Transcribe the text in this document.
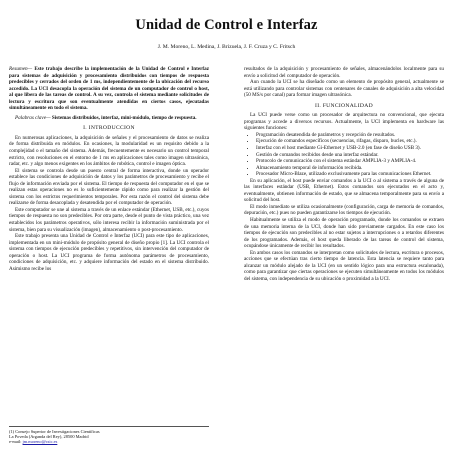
Unidad de Control e Interfaz
J. M. Moreno, L. Medina, J. Brizuela, J. F. Cruza y C. Fritsch

Resumen— Este trabajo describe la implementación de la Unidad de Control e Interfaz para sistemas de adquisición y procesamiento distribuidos con tiempos de respuesta predecibles y cerrados del orden de 1 ms, independientemente de la ubicación del recurso accedido. La UCI desacopla la operación del sistema de un computador de control o host, al que libera de las tareas de control. A su vez, controla el sistema mediante solicitudes de lectura y escritura que son eventualmente atendidas en ciertos casos, ejecutadas simultáneamente en todo el sistema.

Palabras clave— Sistemas distribuidos, interfaz, mini-módulo, tiempo de respuesta.

I. INTRODUCCION

En numerosas aplicaciones, la adquisición de señales y el procesamiento de datos se realiza de forma distribuida en módulos. En ocasiones, la modularidad es un requisito debido a la complejidad o el tamaño del sistema. Además, frecuentemente es necesario un control temporal estricto, con resoluciones en el entorno de 1 ms en aplicaciones tales como imagen ultrasónica, radar, etc. y algo menos exigentes en los ámbitos de robótica, control e imagen óptica.

El sistema se controla desde un puesto central de forma interactiva, donde un operador establece las condiciones de adquisición de datos y los parámetros de procesamiento y recibe el flujo de información enviada por el sistema. El tiempo de respuesta del computador en el que se realizan estas operaciones no es lo suficientemente rápido como para realizar la gestión del sistema con los estrictos requerimientos temporales. Por esta razón el control del sistema debe realizarse de forma desacoplada y desatendida por el computador de operación.

Este computador se une al sistema a través de un enlace estándar (Ethernet, USB, etc.), cuyos tiempos de respuesta no son predecibles. Por otra parte, desde el punto de vista práctico, una vez establecidos los parámetros operativos, sólo interesa recibir la información suministrada por el sistema, bien para su visualización (imagen), almacenamiento o post-procesamiento.

Este trabajo presenta una Unidad de Control e Interfaz (UCI) para este tipo de aplicaciones, implementada en un mini-módulo de propósito general de diseño propio [1]. La UCI controla el sistema con tiempos de ejecución predecibles y repetitivos, sin intervención del computador de operación o host. La UCI programa de forma autónoma parámetros de procesamiento, condiciones de adquisición, etc. y adquiere información del estado en el sistema distribuido. Asimismo recibe los

resultados de la adquisición y procesamiento de señales, almacenándolos localmente para su envío a solicitud del computador de operación.

Aun cuando la UCI se ha diseñado como un elemento de propósito general, actualmente se está utilizando para controlar sistemas con centenares de canales de adquisición a alta velocidad (50 MS/s por canal) para formar imagen ultrasónica.

II. FUNCIONALIDAD

La UCI puede verse como un procesador de arquitectura no convencional, que ejecuta programas y accede a diversos recursos. Actualmente, la UCI implementa en hardware las siguientes funciones:

• Programación desatendida de parámetros y recepción de resultados.
• Ejecución de comandos específicos (secuencias, rifagas, disparo, bucles, etc.).
• Interfaz con el host mediante Gi-Ethernet y USB-2.0 (en fase de diseño USB 3).
• Gestión de comandos recibidos desde una interfaz estándar.
• Protocolo de comunicación con el sistema estándar AMPLIA-3 y AMPLIA-4.
• Almacenamiento temporal de información recibida.
• Procesador Micro-Blaze, utilizado exclusivamente para las comunicaciones Ethernet.

En su aplicación, el host puede enviar comandos a la UCI o al sistema a través de alguna de las interfaces estándar (USB, Ethernet). Estos comandos son ejecutados en el acto y, eventualmente, obtienen información de estado, que se almacena temporalmente para su envío a solicitud del host.

El modo inmediato se utiliza ocasionalmente (configuración, carga de memoria de comandos, depuración, etc.) pues no pueden garantizarse los tiempos de ejecución.

Habitualmente se utiliza el modo de operación programado, donde los comandos se extraen de una memoria interna de la UCI, donde han sido previamente cargados. En este caso los tiempos de ejecución son predecibles al no estar sujetos a interrupciones o a retardos diferentes de los programados. Además, el host queda liberado de las tareas de control del sistema, ocupándose únicamente de recibir los resultados.

En ambos casos los comandos se interpretan como solicitudes de lectura, escritura o procesos, acciones que se efectúan tras cierto tiempo de latencia. Esta latencia se requiere tanto para alcanzar un módulo alejado de la UCI (en un sentido lógico para una estructura escalonada), como para garantizar que ciertas operaciones se ejecuten simultáneamente en todos los módulos del sistema, con independencia de su ubicación o proximidad a la UCI.

(1) Consejo Superior de Investigaciones Científicas
La Poveda (Arganda del Rey), 28500 Madrid
e-mail: jm.moreno@csic.es
